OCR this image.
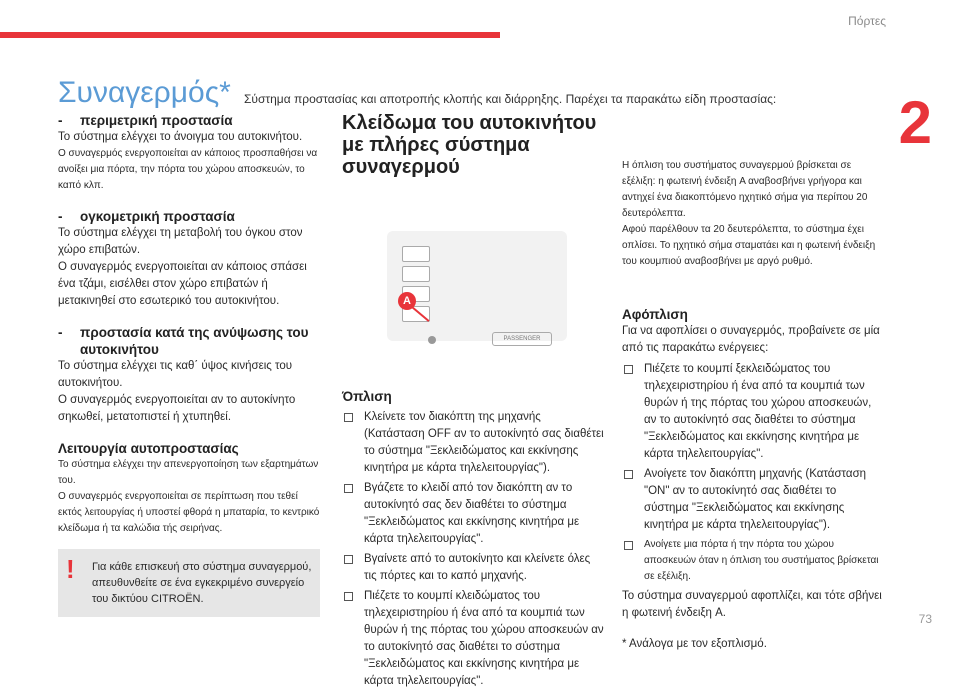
Πόρτες
2
Συναγερμός* Σύστημα προστασίας και αποτροπής κλοπής και διάρρηξης. Παρέχει τα παρακάτω είδη προστασίας:
- περιμετρική προστασία

Το σύστημα ελέγχει το άνοιγμα του αυτοκινήτου.

Ο συναγερμός ενεργοποιείται αν κάποιος προσπαθήσει να ανοίξει μια πόρτα, την πόρτα του χώρου αποσκευών, το καπό κλπ.

- ογκομετρική προστασία

Το σύστημα ελέγχει τη μεταβολή του όγκου στον χώρο επιβατών.

Ο συναγερμός ενεργοποιείται αν κάποιος σπάσει ένα τζάμι, εισέλθει στον χώρο επιβατών ή μετακινηθεί στο εσωτερικό του αυτοκινήτου.

- προστασία κατά της ανύψωσης του αυτοκινήτου

Το σύστημα ελέγχει τις καθ΄ ύψος κινήσεις του αυτοκινήτου.

Ο συναγερμός ενεργοποιείται αν το αυτοκίνητο σηκωθεί, μετατοπιστεί ή χτυπηθεί.

Λειτουργία αυτοπροστασίας

Το σύστημα ελέγχει την απενεργοποίηση των εξαρτημάτων του.

Ο συναγερμός ενεργοποιείται σε περίπτωση που τεθεί εκτός λειτουργίας ή υποστεί φθορά η μπαταρία, το κεντρικό κλείδωμα ή τα καλώδια τής σειρήνας.

! Για κάθε επισκευή στο σύστημα συναγερμού, απευθυνθείτε σε ένα εγκεκριμένο συνεργείο του δικτύου CITROËN.
Κλείδωμα του αυτοκινήτου με πλήρες σύστημα συναγερμού
A
PASSENGER
Όπλιση
Κλείνετε τον διακόπτη της μηχανής (Κατάσταση OFF αν το αυτοκίνητό σας διαθέτει το σύστημα "Ξεκλειδώματος και εκκίνησης κινητήρα με κάρτα τηλελειτουργίας").
Βγάζετε το κλειδί από τον διακόπτη αν το αυτοκίνητό σας δεν διαθέτει το σύστημα "Ξεκλειδώματος και εκκίνησης κινητήρα με κάρτα τηλελειτουργίας".
Βγαίνετε από το αυτοκίνητο και κλείνετε όλες τις πόρτες και το καπό μηχανής.
Πιέζετε το κουμπί κλειδώματος του τηλεχειριστηρίου ή ένα από τα κουμπιά των θυρών ή της πόρτας του χώρου αποσκευών αν το αυτοκίνητό σας διαθέτει το σύστημα "Ξεκλειδώματος και εκκίνησης κινητήρα με κάρτα τηλελειτουργίας".

Η όπλιση του συστήματος συναγερμού βρίσκεται σε εξέλιξη: η φωτεινή ένδειξη A αναβοσβήνει γρήγορα και αντηχεί ένα διακοπτόμενο ηχητικό σήμα για περίπου 20 δευτερόλεπτα.

Αφού παρέλθουν τα 20 δευτερόλεπτα, το σύστημα έχει οπλίσει. Το ηχητικό σήμα σταματάει και η φωτεινή ένδειξη του κουμπιού αναβοσβήνει με αργό ρυθμό.

Αφόπλιση

Για να αφοπλίσει ο συναγερμός, προβαίνετε σε μία από τις παρακάτω ενέργειες:

Πιέζετε το κουμπί ξεκλειδώματος του τηλεχειριστηρίου ή ένα από τα κουμπιά των θυρών ή της πόρτας του χώρου αποσκευών, αν το αυτοκίνητό σας διαθέτει το σύστημα "Ξεκλειδώματος και εκκίνησης κινητήρα με κάρτα τηλελειτουργίας".
Ανοίγετε τον διακόπτη μηχανής (Κατάσταση "ON" αν το αυτοκίνητό σας διαθέτει το σύστημα "Ξεκλειδώματος και εκκίνησης κινητήρα με κάρτα τηλελειτουργίας").
Ανοίγετε μια πόρτα ή την πόρτα του χώρου αποσκευών όταν η όπλιση του συστήματος βρίσκεται σε εξέλιξη.

Το σύστημα συναγερμού αφοπλίζει, και τότε σβήνει η φωτεινή ένδειξη A.

* Ανάλογα με τον εξοπλισμό.

73
